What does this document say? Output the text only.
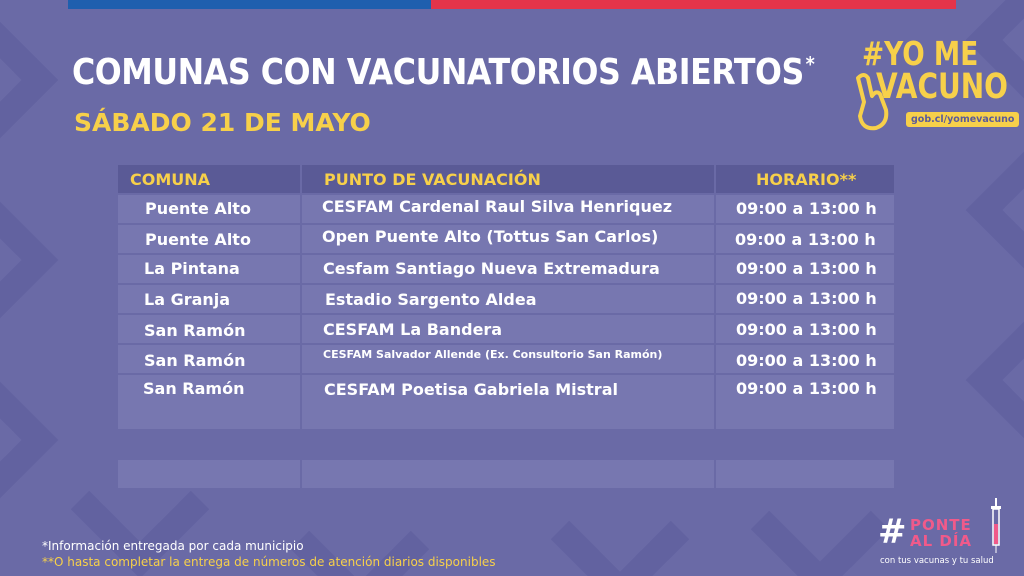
COMUNAS CON VACUNATORIOS ABIERTOS*
SÁBADO 21 DE MAYO
#YO ME
VACUNO
gob.cl/yomevacuno
COMUNA	PUNTO DE VACUNACIÓN	HORARIO**
Puente Alto	CESFAM Cardenal Raul Silva Henriquez	09:00 a 13:00 h
Puente Alto	Open Puente Alto (Tottus San Carlos)	09:00 a 13:00 h
La Pintana	Cesfam Santiago Nueva Extremadura	09:00 a 13:00 h
La Granja	Estadio Sargento Aldea	09:00 a 13:00 h
San Ramón	CESFAM La Bandera	09:00 a 13:00 h
San Ramón	CESFAM Salvador Allende (Ex. Consultorio San Ramón)	09:00 a 13:00 h
San Ramón	CESFAM Poetisa Gabriela Mistral	09:00 a 13:00 h

*Información entregada por cada municipio

**O hasta completar la entrega de números de atención diarios disponibles

# PONTE
AL DÍA
con tus vacunas y tu salud
